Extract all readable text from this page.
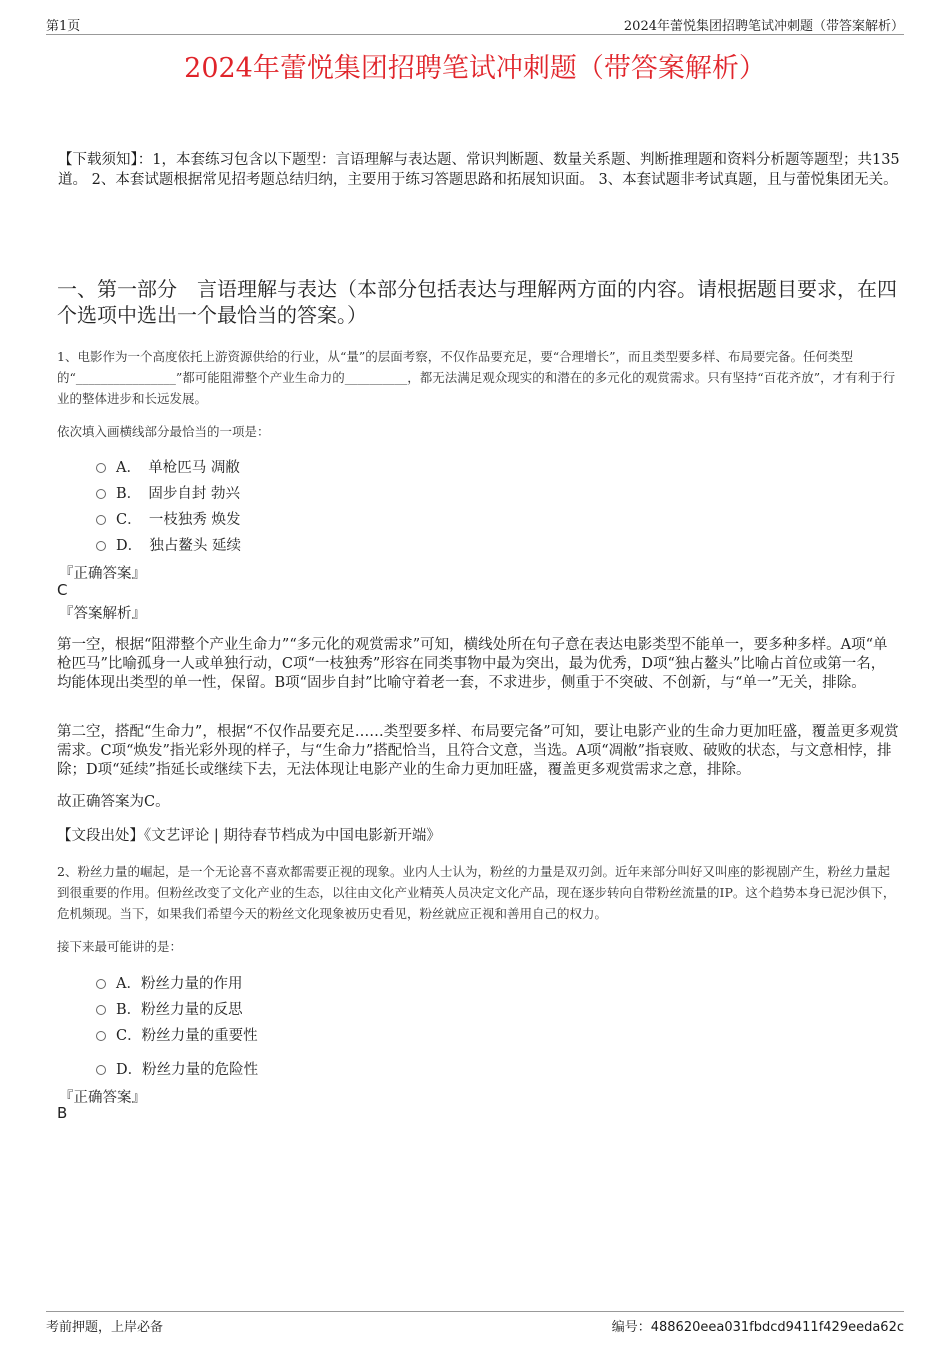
第1页	2024年蕾悦集团招聘笔试冲刺题（带答案解析）
2024年蕾悦集团招聘笔试冲刺题（带答案解析）
【下载须知】：1，本套练习包含以下题型：言语理解与表达题、常识判断题、数量关系题、判断推理题和资料分析题等题型；共135道。 2、本套试题根据常见招考题总结归纳，主要用于练习答题思路和拓展知识面。 3、本套试题非考试真题，且与蕾悦集团无关。
一、第一部分　言语理解与表达（本部分包括表达与理解两方面的内容。请根据题目要求，在四个选项中选出一个最恰当的答案。）
1、电影作为一个高度依托上游资源供给的行业，从“量”的层面考察，不仅作品要充足，要“合理增长”，而且类型要多样、布局要完备。任何类型的“________________”都可能阻滞整个产业生命力的__________，都无法满足观众现实的和潜在的多元化的观赏需求。只有坚持“百花齐放”，才有利于行业的整体进步和长远发展。
依次填入画横线部分最恰当的一项是：
A．　单枪匹马 凋敝
B．　固步自封 勃兴
C．　一枝独秀 焕发
D．　独占鳌头 延续
『正确答案』
C
『答案解析』
第一空，根据“阻滞整个产业生命力”“多元化的观赏需求”可知，横线处所在句子意在表达电影类型不能单一，要多种多样。A项“单枪匹马”比喻孤身一人或单独行动，C项“一枝独秀”形容在同类事物中最为突出，最为优秀，D项“独占鳌头”比喻占首位或第一名，均能体现出类型的单一性，保留。B项“固步自封”比喻守着老一套，不求进步，侧重于不突破、不创新，与“单一”无关，排除。
第二空，搭配“生命力”，根据“不仅作品要充足……类型要多样、布局要完备”可知，要让电影产业的生命力更加旺盛，覆盖更多观赏需求。C项“焕发”指光彩外现的样子，与“生命力”搭配恰当，且符合文意，当选。A项“凋敝”指衰败、破败的状态，与文意相悖，排除；D项“延续”指延长或继续下去，无法体现让电影产业的生命力更加旺盛，覆盖更多观赏需求之意，排除。
故正确答案为C。
【文段出处】《文艺评论 | 期待春节档成为中国电影新开端》
2、粉丝力量的崛起，是一个无论喜不喜欢都需要正视的现象。业内人士认为，粉丝的力量是双刃剑。近年来部分叫好又叫座的影视剧产生，粉丝力量起到很重要的作用。但粉丝改变了文化产业的生态，以往由文化产业精英人员决定文化产品，现在逐步转向自带粉丝流量的IP。这个趋势本身已泥沙俱下，危机频现。当下，如果我们希望今天的粉丝文化现象被历史看见，粉丝就应正视和善用自己的权力。
接下来最可能讲的是：
A．粉丝力量的作用
B．粉丝力量的反思
C．粉丝力量的重要性
D．粉丝力量的危险性
『正确答案』
B
考前押题，上岸必备	编号：488620eea031fbdcd9411f429eeda62c
